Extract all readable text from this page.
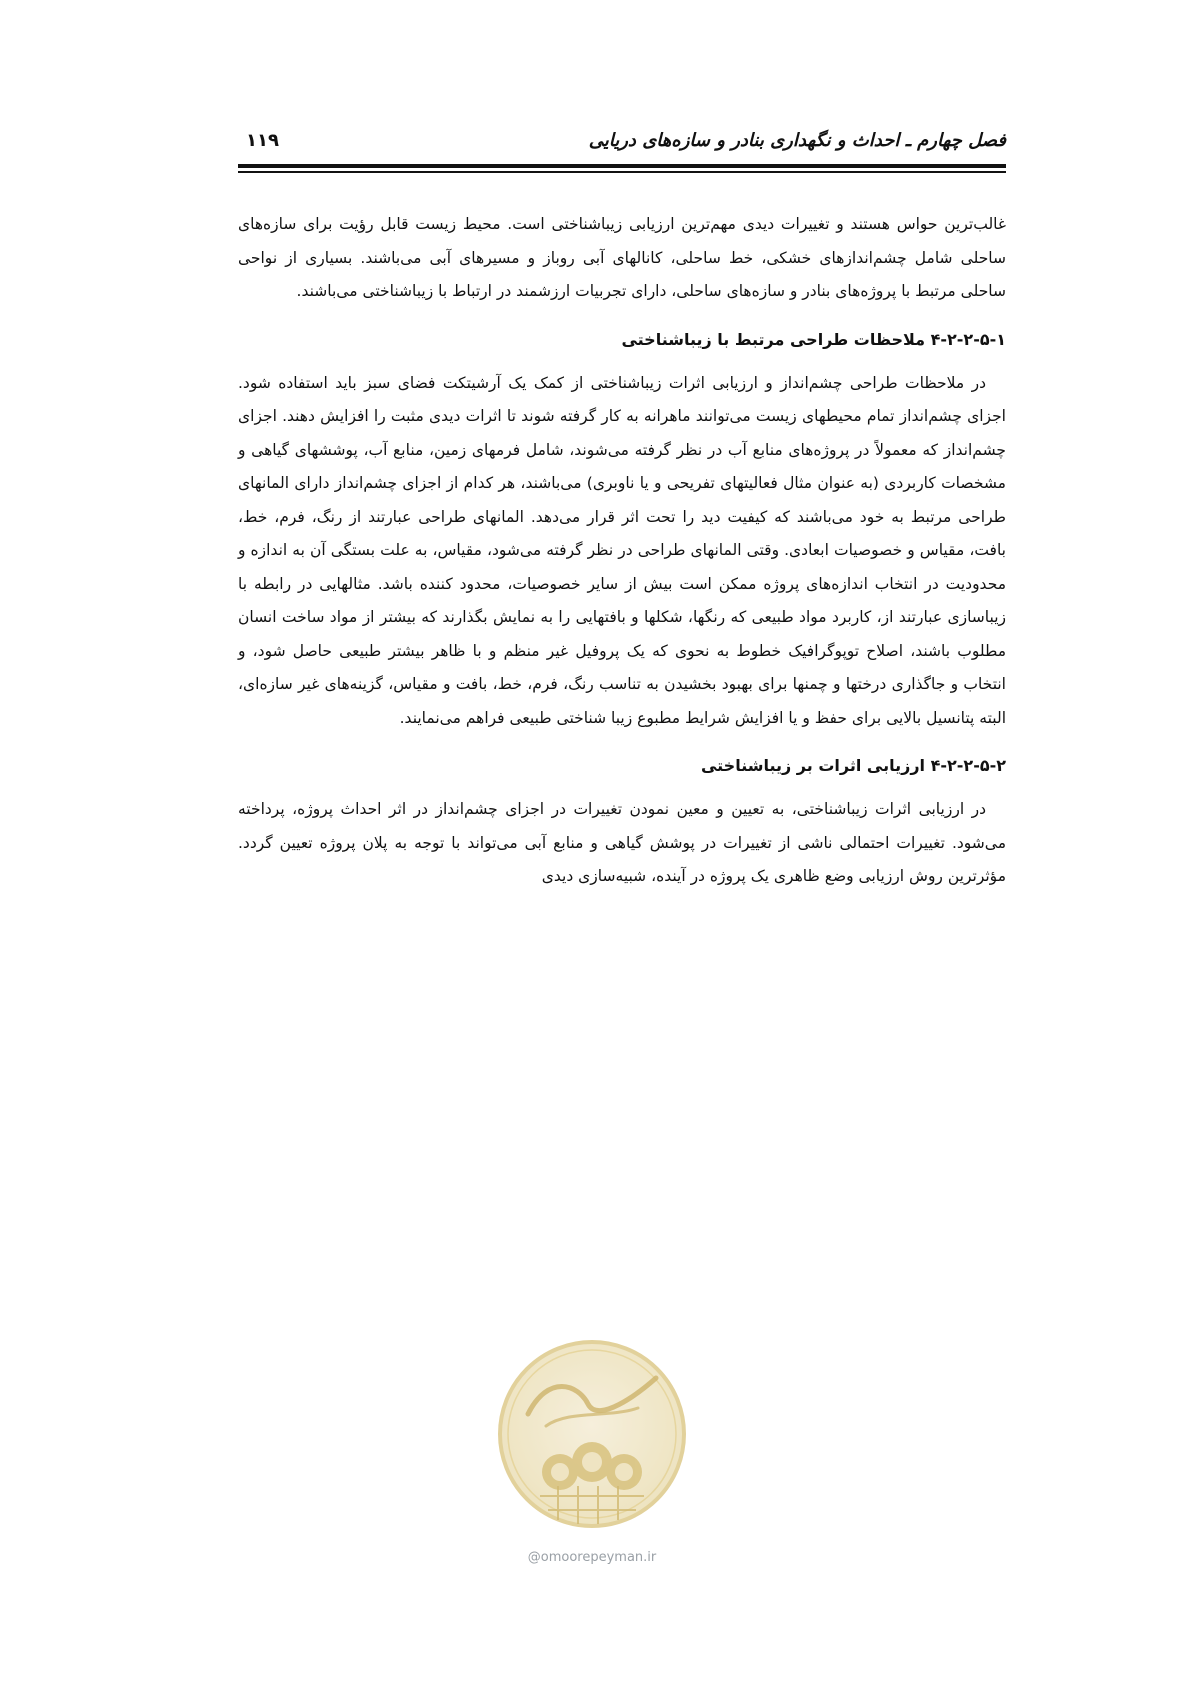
فصل چهارم ـ احداث و نگهداری بنادر و سازه‌های دریایی
۱۱۹

غالب‌ترین حواس هستند و تغییرات دیدی مهم‌ترین ارزیابی زیباشناختی است. محیط زیست قابل رؤیت برای سازه‌های ساحلی شامل چشم‌اندازهای خشکی، خط ساحلی، کانالهای آبی روباز و مسیرهای آبی می‌باشند. بسیاری از نواحی ساحلی مرتبط با پروژه‌های بنادر و سازه‌های ساحلی، دارای تجربیات ارزشمند در ارتباط با زیباشناختی می‌باشند.

۴-۲-۲-۵-۱ ملاحظات طراحی مرتبط با زیباشناختی

در ملاحظات طراحی چشم‌انداز و ارزیابی اثرات زیباشناختی از کمک یک آرشیتکت فضای سبز باید استفاده شود. اجزای چشم‌انداز تمام محیطهای زیست می‌توانند ماهرانه به کار گرفته شوند تا اثرات دیدی مثبت را افزایش دهند. اجزای چشم‌انداز که معمولاً در پروژه‌های منابع آب در نظر گرفته می‌شوند، شامل فرمهای زمین، منابع آب، پوششهای گیاهی و مشخصات کاربردی (به عنوان مثال فعالیتهای تفریحی و یا ناوبری) می‌باشند، هر کدام از اجزای چشم‌انداز دارای المانهای طراحی مرتبط به خود می‌باشند که کیفیت دید را تحت اثر قرار می‌دهد. المانهای طراحی عبارتند از رنگ، فرم، خط، بافت، مقیاس و خصوصیات ابعادی. وقتی المانهای طراحی در نظر گرفته می‌شود، مقیاس، به علت بستگی آن به اندازه و محدودیت در انتخاب اندازه‌های پروژه ممکن است بیش از سایر خصوصیات، محدود کننده باشد. مثالهایی در رابطه با زیباسازی عبارتند از، کاربرد مواد طبیعی که رنگها، شکلها و بافتهایی را به نمایش بگذارند که بیشتر از مواد ساخت انسان مطلوب باشند، اصلاح توپوگرافیک خطوط به نحوی که یک پروفیل غیر منظم و با ظاهر بیشتر طبیعی حاصل شود، و انتخاب و جاگذاری درختها و چمنها برای بهبود بخشیدن به تناسب رنگ، فرم، خط، بافت و مقیاس، گزینه‌های غیر سازه‌ای، البته پتانسیل بالایی برای حفظ و یا افزایش شرایط مطبوع زیبا شناختی طبیعی فراهم می‌نمایند.

۴-۲-۲-۵-۲ ارزیابی اثرات بر زیباشناختی

در ارزیابی اثرات زیباشناختی، به تعیین و معین نمودن تغییرات در اجزای چشم‌انداز در اثر احداث پروژه، پرداخته می‌شود. تغییرات احتمالی ناشی از تغییرات در پوشش گیاهی و منابع آبی می‌تواند با توجه به پلان پروژه تعیین گردد. مؤثرترین روش ارزیابی وضع ظاهری یک پروژه در آینده، شبیه‌سازی دیدی

@omoorepeyman.ir
